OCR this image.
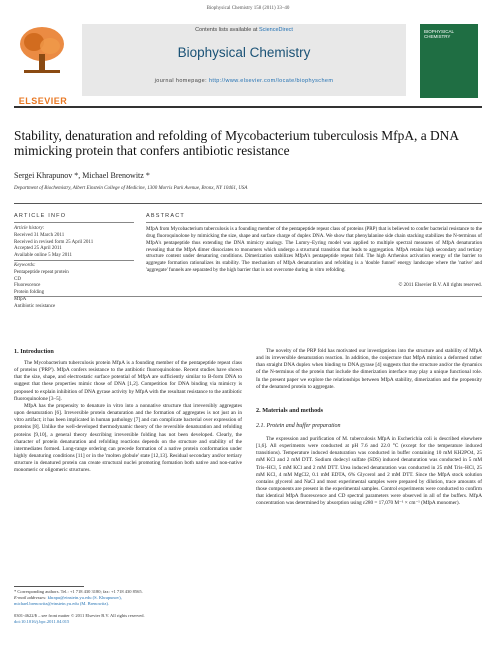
Biophysical Chemistry 158 (2011) 33–40
ELSEVIER
Contents lists available at ScienceDirect
Biophysical Chemistry
journal homepage: http://www.elsevier.com/locate/biophyschem
BIOPHYSICAL CHEMISTRY
Stability, denaturation and refolding of Mycobacterium tuberculosis MfpA, a DNA mimicking protein that confers antibiotic resistance
Sergei Khrapunov *, Michael Brenowitz *
Department of Biochemistry, Albert Einstein College of Medicine, 1300 Morris Park Avenue, Bronx, NY 10461, USA
ARTICLE INFO	ABSTRACT
Article history:
Received 31 March 2011
Received in revised form 25 April 2011
Accepted 25 April 2011
Available online 5 May 2011
Keywords:
Pentapeptide repeat protein
CD
Fluorescence
Protein folding
MfpA
Antibiotic resistance
MfpA from Mycobacterium tuberculosis is a founding member of the pentapeptide repeat class of proteins (PRP) that is believed to confer bacterial resistance to the drug fluoroquinolone by mimicking the size, shape and surface charge of duplex DNA. We show that phenylalanine side chain stacking stabilizes the N-terminus of MfpA's pentapeptide thus extending the DNA mimicry analogy. The Lumry–Eyring model was applied to multiple spectral measures of MfpA denaturation revealing that the MfpA dimer dissociates to monomers which undergo a structural transition that leads to aggregation. MfpA retains high secondary and tertiary structure content under denaturing conditions. Dimerization stabilizes MfpA's pentapeptide repeat fold. The high Arrhenius activation energy of the barrier to aggregate formation rationalizes its stability. The mechanism of MfpA denaturation and refolding is a 'double funnel' energy landscape where the 'native' and 'aggregate' funnels are separated by the high barrier that is not overcome during in vitro refolding.
© 2011 Elsevier B.V. All rights reserved.
1. Introduction
The Mycobacterium tuberculosis protein MfpA is a founding member of the pentapeptide repeat class of proteins ('PRP'). MfpA confers resistance to the antibiotic fluoroquinolone. Recent studies have shown that the size, shape, and electrostatic surface potential of MfpA are sufficiently similar to B-form DNA to suggest that these properties mimic those of DNA [1,2]. Competition for DNA binding via mimicry is proposed to explain inhibition of DNA gyrase activity by MfpA with the resultant resistance to the antibiotic fluoroquinolone [3–5].
MfpA has the propensity to denature in vitro into a nonnative structure that irreversibly aggregates upon denaturation [6]. Irreversible protein denaturation and the formation of aggregates is not just an in vitro artifact; it has been implicated in human pathology [7] and can complicate bacterial over expression of proteins [8]. Unlike the well-developed thermodynamic theory of the reversible denaturation and refolding proteins [9,10], a general theory describing irreversible folding has not been developed. Clearly, the character of protein denaturation and refolding reactions depends on the structure and stability of the intermediates formed. Long-range ordering can precede formation of a native protein conformation under highly denaturing conditions [11] or in the 'molten globule' state [12,13]. Residual secondary and/or tertiary structure in denatured protein can create structural nuclei promoting formation both native and non-native monomeric or oligomeric structures.
The novelty of the PRP fold has motivated our investigations into the structure and stability of MfpA and its irreversible denaturation reaction. In addition, the conjecture that MfpA mimics a deformed rather than straight DNA duplex when binding to DNA gyrase [4] suggests that the structure and/or the dynamics of the N-terminus of the protein that include the dimerization interface may play a unique functional role. In the present paper we explore the relationships between MfpA stability, dimerization and the propensity of the denatured protein to aggregate.
2. Materials and methods
2.1. Protein and buffer preparation
The expression and purification of M. tuberculosis MfpA in Escherichia coli is described elsewhere [1,6]. All experiments were conducted at pH 7.6 and 22.0 °C (except for the temperature induced transitions). Temperature induced denaturation was conducted in buffer containing 10 mM KH2PO4, 25 mM KCl and 2 mM DTT. Sodium dodecyl sulfate (SDS) induced denaturation was conducted in 5 mM Tris–HCl, 5 mM KCl and 2 mM DTT. Urea induced denaturation was conducted in 25 mM Tris–HCl, 25 mM KCl, 4 mM MgCl2, 0.1 mM EDTA, 6% Glycerol and 2 mM DTT. Since the MfpA stock solution contains glycerol and NaCl and most experimental samples were prepared by dilution, trace amounts of those components are present in the experimental samples. Control experiments were conducted to confirm that identical MfpA fluorescence and CD spectral parameters were observed in all of the buffers. MfpA concentration was determined by absorption using ε280 = 17,070 M⁻¹ × cm⁻¹ (MfpA monomer).
* Corresponding authors. Tel.: +1 718 430 3180; fax: +1 718 430 8565.
E-mail addresses: khrapu@einstein.yu.edu (S. Khrapunov),
michael.brenowitz@einstein.yu.edu (M. Brenowitz).
0301-4622/$ – see front matter © 2011 Elsevier B.V. All rights reserved.
doi:10.1016/j.bpc.2011.04.015
